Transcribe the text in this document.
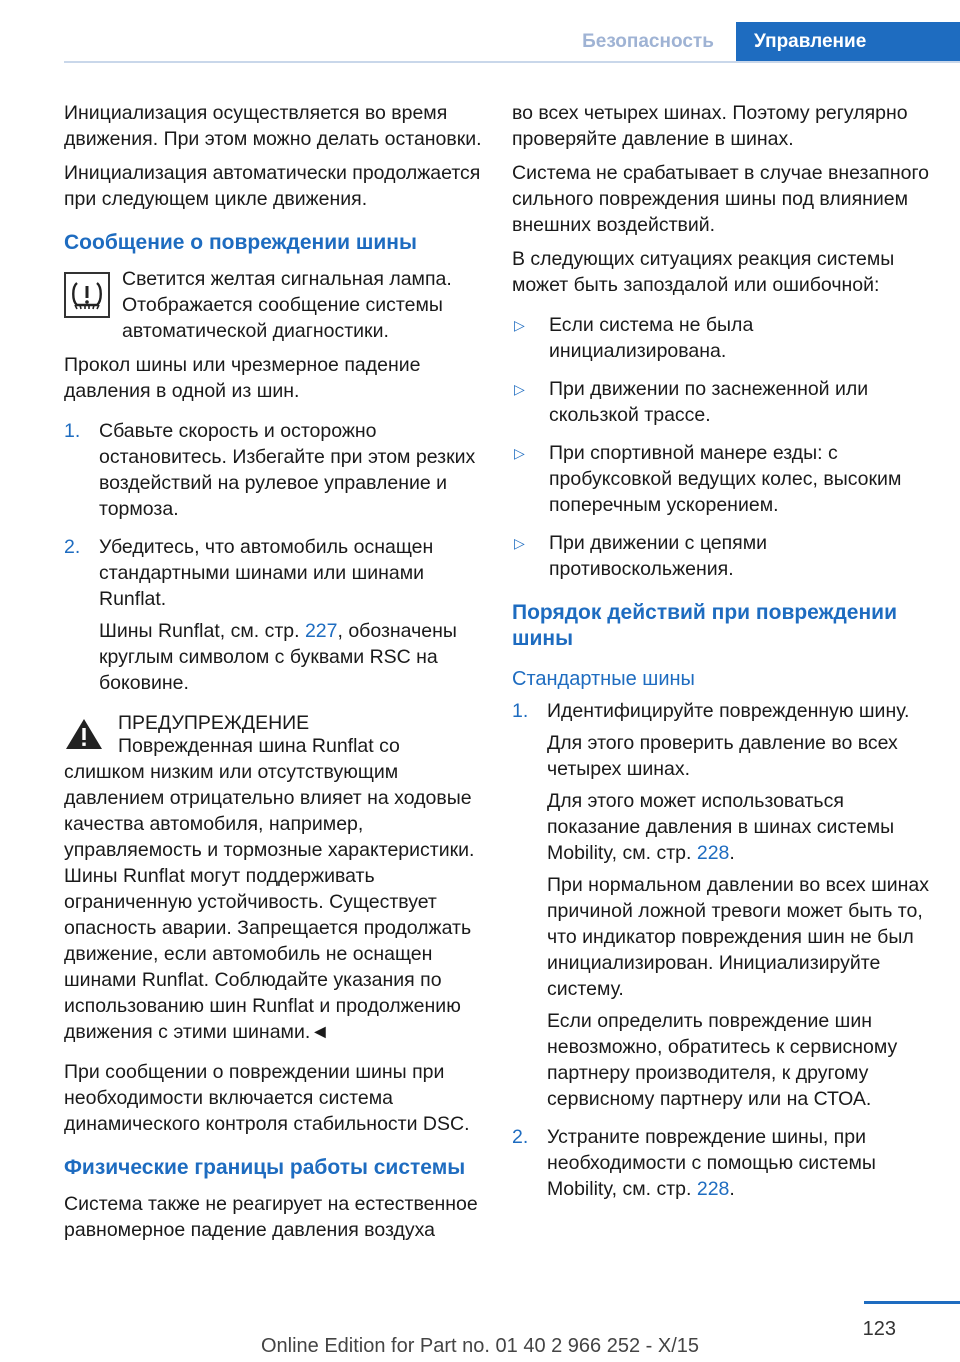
Безопасность	Управление

Инициализация осуществляется во время движения. При этом можно делать остановки.

Инициализация автоматически продолжается при следующем цикле движения.

Сообщение о повреждении шины
Светится желтая сигнальная лампа. Отображается сообщение системы автоматической диагностики.

Прокол шины или чрезмерное падение давления в одной из шин.

1. Сбавьте скорость и осторожно остановитесь. Избегайте при этом резких воздействий на рулевое управление и тормоза.

2. Убедитесь, что автомобиль оснащен стандартными шинами или шинами Runflat.

Шины Runflat, см. стр. 227, обозначены круглым символом с буквами RSC на боковине.

ПРЕДУПРЕЖДЕНИЕ
Поврежденная шина Runflat со слишком низким или отсутствующим давлением отрицательно влияет на ходовые качества автомобиля, например, управляемость и тормозные характеристики. Шины Runflat могут поддерживать ограниченную устойчивость. Существует опасность аварии. Запрещается продолжать движение, если автомобиль не оснащен шинами Runflat. Соблюдайте указания по использованию шин Runflat и продолжению движения с этими шинами.◄

При сообщении о повреждении шины при необходимости включается система динамического контроля стабильности DSC.

Физические границы работы системы

Система также не реагирует на естественное равномерное падение давления воздуха

во всех четырех шинах. Поэтому регулярно проверяйте давление в шинах.

Система не срабатывает в случае внезапного сильного повреждения шины под влиянием внешних воздействий.

В следующих ситуациях реакция системы может быть запоздалой или ошибочной:

▷	Если система не была инициализирована.
▷	При движении по заснеженной или скользкой трассе.
▷	При спортивной манере езды: с пробуксовкой ведущих колес, высоким поперечным ускорением.
▷	При движении с цепями противоскольжения.
Порядок действий при повреждении шины
Стандартные шины
1. Идентифицируйте поврежденную шину.

Для этого проверить давление во всех четырех шинах.

Для этого может использоваться показание давления в шинах системы Mobility, см. стр. 228.

При нормальном давлении во всех шинах причиной ложной тревоги может быть то, что индикатор повреждения шин не был инициализирован. Инициализируйте систему.

Если определить повреждение шин невозможно, обратитесь к сервисному партнеру производителя, к другому сервисному партнеру или на СТОА.

2. Устраните повреждение шины, при необходимости с помощью системы Mobility, см. стр. 228.

123
Online Edition for Part no. 01 40 2 966 252 - X/15
